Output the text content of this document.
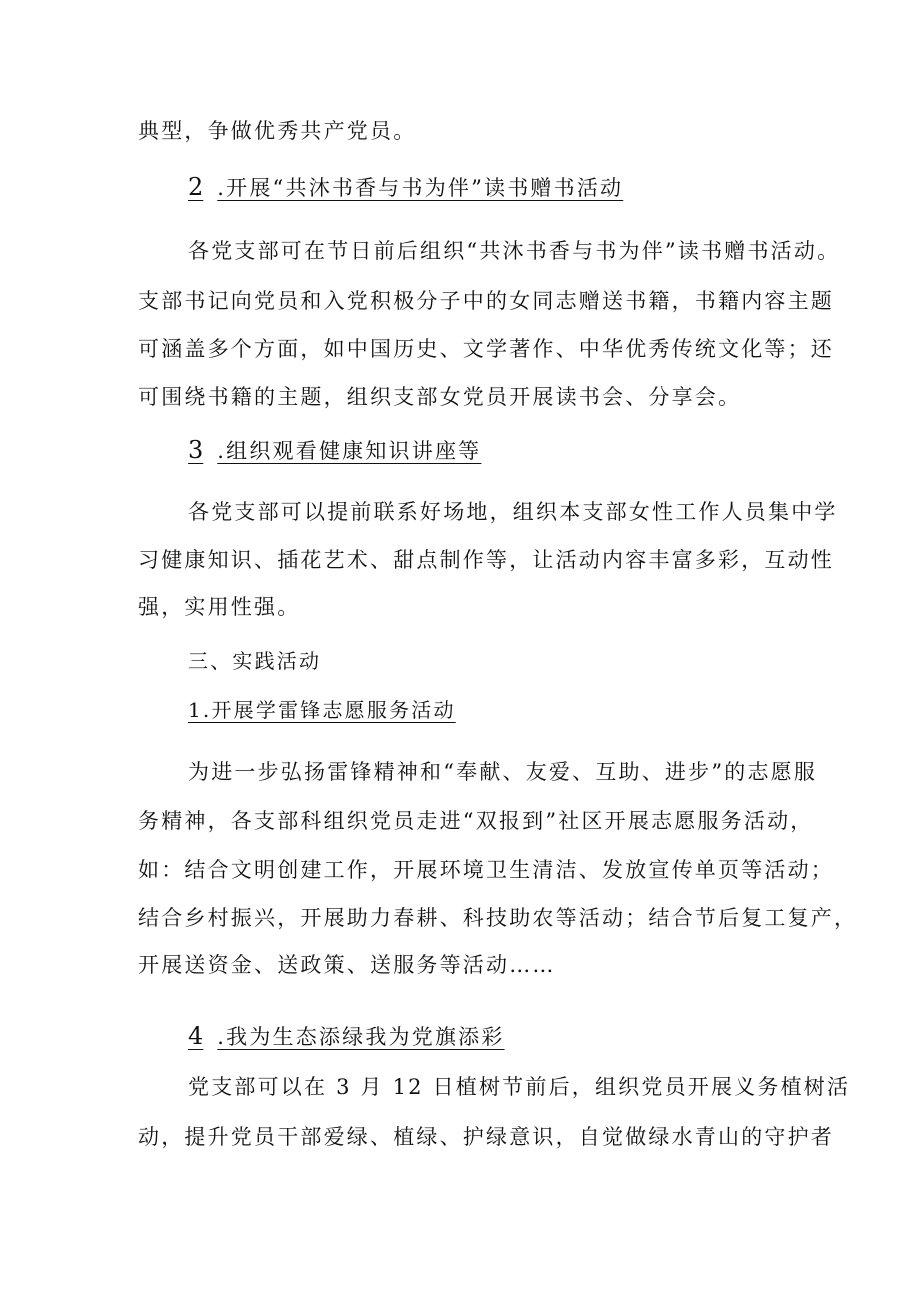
典型，争做优秀共产党员。
2 .开展“共沐书香与书为伴”读书赠书活动
各党支部可在节日前后组织“共沐书香与书为伴”读书赠书活动。
支部书记向党员和入党积极分子中的女同志赠送书籍，书籍内容主题
可涵盖多个方面，如中国历史、文学著作、中华优秀传统文化等；还
可围绕书籍的主题，组织支部女党员开展读书会、分享会。
3 .组织观看健康知识讲座等
各党支部可以提前联系好场地，组织本支部女性工作人员集中学
习健康知识、插花艺术、甜点制作等，让活动内容丰富多彩，互动性
强，实用性强。
三、实践活动
1.开展学雷锋志愿服务活动
为进一步弘扬雷锋精神和“奉献、友爱、互助、进步”的志愿服
务精神，各支部科组织党员走进“双报到”社区开展志愿服务活动，
如：结合文明创建工作，开展环境卫生清洁、发放宣传单页等活动；
结合乡村振兴，开展助力春耕、科技助农等活动；结合节后复工复产，
开展送资金、送政策、送服务等活动……
4 .我为生态添绿我为党旗添彩
党支部可以在 3 月 12 日植树节前后，组织党员开展义务植树活
动，提升党员干部爱绿、植绿、护绿意识，自觉做绿水青山的守护者
